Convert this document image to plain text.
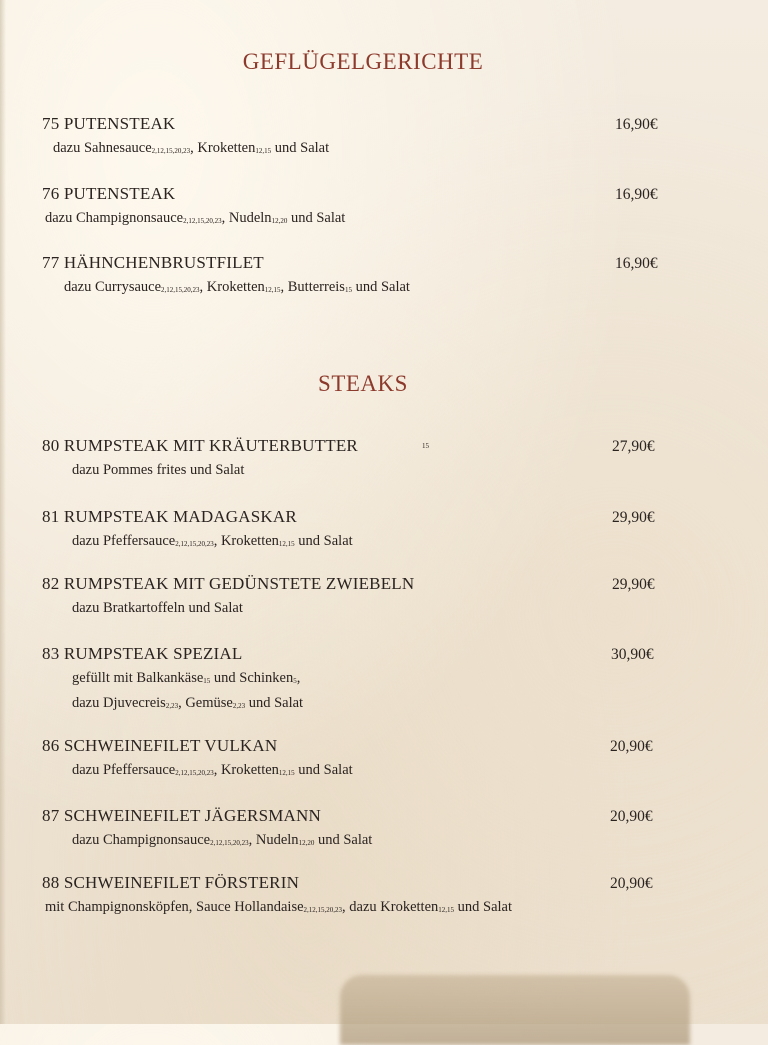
GEFLÜGELGERICHTE
75 PUTENSTEAK	16,90€
dazu Sahnesauce2,12,15,20,23, Kroketten12,15 und Salat
76 PUTENSTEAK	16,90€
dazu Champignonsauce2,12,15,20,23, Nudeln12,20 und Salat
77 HÄHNCHENBRUSTFILET	16,90€
dazu Currysauce2,12,15,20,23, Kroketten12,15, Butterreis15 und Salat
STEAKS
80 RUMPSTEAK MIT KRÄUTERBUTTER	15	27,90€
dazu Pommes frites und Salat
81 RUMPSTEAK MADAGASKAR	29,90€
dazu Pfeffersauce2,12,15,20,23, Kroketten12,15 und Salat
82 RUMPSTEAK MIT GEDÜNSTETE ZWIEBELN	29,90€
dazu Bratkartoffeln und Salat
83 RUMPSTEAK SPEZIAL	30,90€
gefüllt mit Balkankäse15 und Schinken5,
dazu Djuvecreis2,23, Gemüse2,23 und Salat
86 SCHWEINEFILET VULKAN	20,90€
dazu Pfeffersauce2,12,15,20,23, Kroketten12,15 und Salat
87 SCHWEINEFILET JÄGERSMANN	20,90€
dazu Champignonsauce2,12,15,20,23, Nudeln12,20 und Salat
88 SCHWEINEFILET FÖRSTERIN	20,90€
mit Champignonsköpfen, Sauce Hollandaise2,12,15,20,23, dazu Kroketten12,15 und Salat
